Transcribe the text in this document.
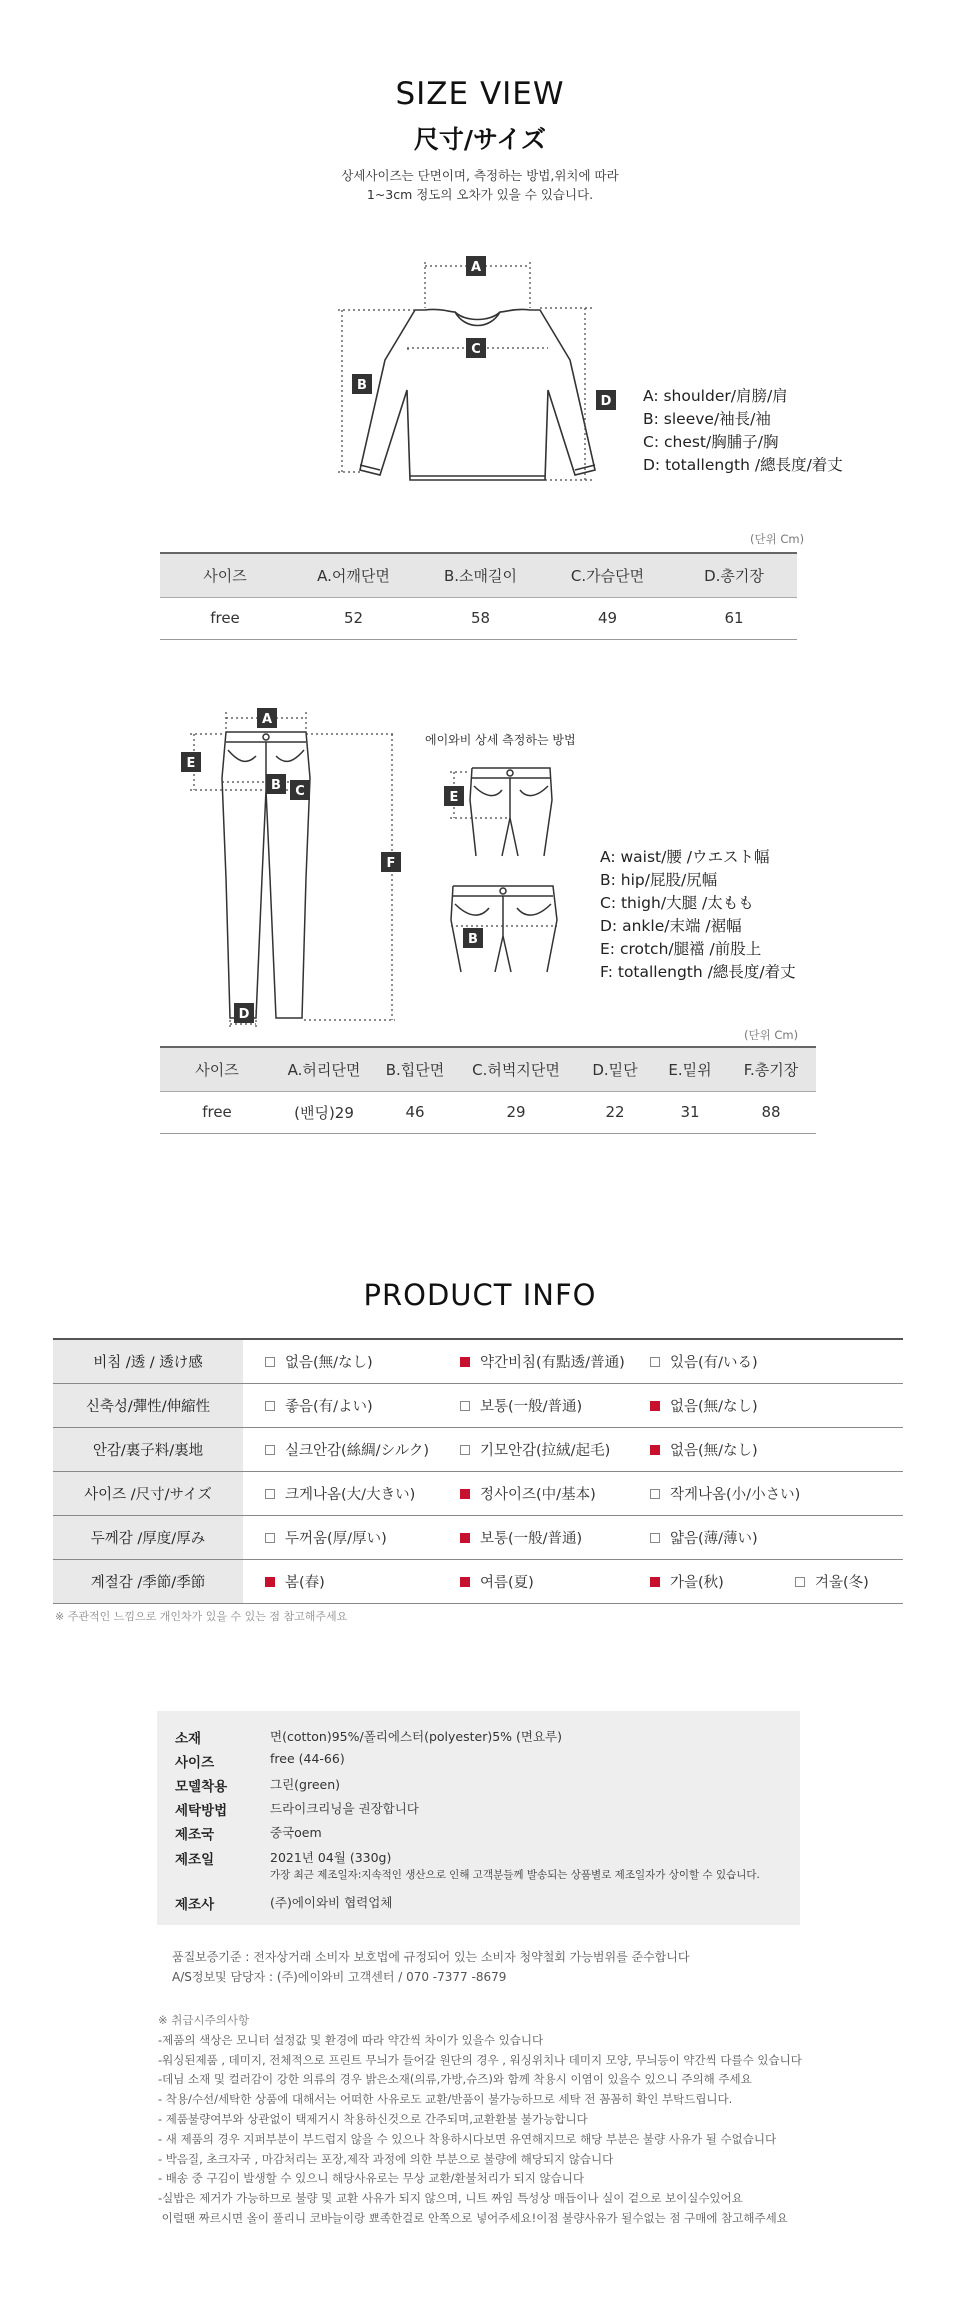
SIZE VIEW
尺寸/サイズ
상세사이즈는 단면이며, 측정하는 방법,위치에 따라
1~3cm 정도의 오차가 있을 수 있습니다.
A
C
B
D A: shoulder/肩膀/肩
B: sleeve/袖長/袖
C: chest/胸脯子/胸
D: totallength /總長度/着丈
(단위 Cm)
사이즈	A.어깨단면	B.소매길이	C.가슴단면	D.총기장
free	52	58	49	61
A
E
B C
F
D
에이와비 상세 측정하는 방법
E
B
A: waist/腰 /ウエスト幅
B: hip/屁股/尻幅
C: thigh/大腿 /太もも
D: ankle/末端 /裾幅
E: crotch/腿襠 /前股上
F: totallength /總長度/着丈
(단위 Cm)
사이즈	A.허리단면	B.힙단면	C.허벅지단면	D.밑단	E.밑위	F.총기장
free	(밴딩)29	46	29	22	31	88
PRODUCT INFO
비침 /透 / 透け感	없음(無/なし)	약간비침(有點透/普通)	있음(有/いる)
신축성/彈性/伸縮性	좋음(有/よい)	보통(一般/普通)	없음(無/なし)
안감/裏子料/裏地	실크안감(絲綢/シルク)	기모안감(拉絨/起毛)	없음(無/なし)
사이즈 /尺寸/サイズ	크게나옴(大/大きい)	정사이즈(中/基本)	작게나옴(小/小さい)
두께감 /厚度/厚み	두꺼움(厚/厚い)	보통(一般/普通)	얇음(薄/薄い)
계절감 /季節/季節	봄(春)	여름(夏)	가을(秋)	겨울(冬)
※ 주관적인 느낌으로 개인차가 있을 수 있는 점 참고해주세요
소재	면(cotton)95%/폴리에스터(polyester)5% (면요루)
사이즈	free (44-66)
모델착용	그린(green)
세탁방법	드라이크리닝을 권장합니다
제조국	중국oem
제조일	2021년 04월 (330g)
가장 최근 제조일자:지속적인 생산으로 인해 고객분들께 발송되는 상품별로 제조일자가 상이할 수 있습니다.
제조사	(주)에이와비 협력업체
품질보증기준 : 전자상거래 소비자 보호법에 규정되어 있는 소비자 청약철회 가능범위를 준수합니다
A/S정보및 담당자 : (주)에이와비 고객센터 / 070 -7377 -8679
※ 취급시주의사항
-제품의 색상은 모니터 설정값 및 환경에 따라 약간씩 차이가 있을수 있습니다
-워싱된제품 , 데미지, 전체적으로 프린트 무늬가 들어갈 원단의 경우 , 워싱위치나 데미지 모양, 무늬등이 약간씩 다를수 있습니다
-데님 소재 및 컬러감이 강한 의류의 경우 밝은소재(의류,가방,슈즈)와 함께 착용시 이염이 있을수 있으니 주의해 주세요
- 착용/수선/세탁한 상품에 대해서는 어떠한 사유로도 교환/반품이 불가능하므로 세탁 전 꼼꼼히 확인 부탁드립니다.
- 제품불량여부와 상관없이 택제거시 착용하신것으로 간주되며,교환환불 불가능합니다
- 새 제품의 경우 지퍼부분이 부드럽지 않을 수 있으나 착용하시다보면 유연해지므로 해당 부분은 불량 사유가 될 수없습니다
- 박음질, 초크자국 , 마감처리는 포장,제작 과정에 의한 부분으로 불량에 해당되지 않습니다
- 배송 중 구김이 발생할 수 있으니 해당사유로는 무상 교환/환불처리가 되지 않습니다
-실밥은 제거가 가능하므로 불량 및 교환 사유가 되지 않으며, 니트 짜임 특성상 매듭이나 실이 겉으로 보이실수있어요
이럴땐 짜르시면 올이 풀리니 코바늘이랑 뾰족한걸로 안쪽으로 넣어주세요!이점 불량사유가 될수없는 점 구매에 참고해주세요
